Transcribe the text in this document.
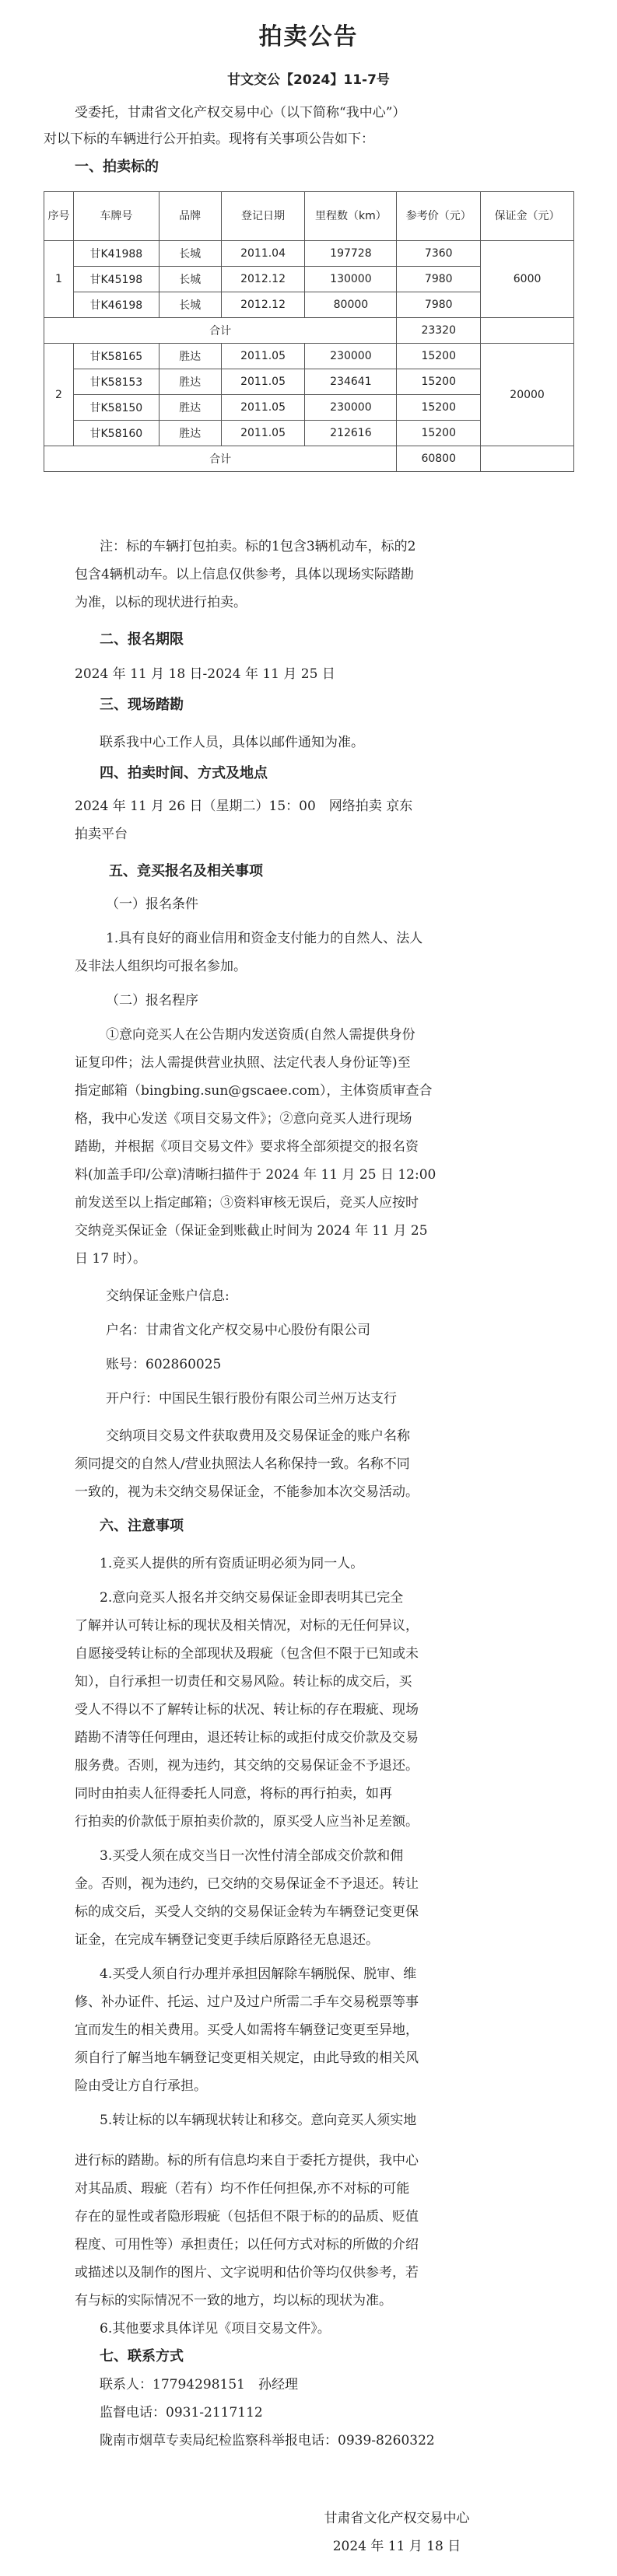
拍卖公告
甘文交公【2024】11-7号
受委托，甘肃省文化产权交易中心（以下简称“我中心”）
对以下标的车辆进行公开拍卖。现将有关事项公告如下：
一、拍卖标的
序号	车牌号	品牌	登记日期	里程数（km）	参考价（元）	保证金（元）
1	甘K41988	长城	2011.04	197728	7360	6000
	甘K45198	长城	2012.12	130000	7980	
	甘K46198	长城	2012.12	80000	7980	
合计					23320	
2	甘K58165	胜达	2011.05	230000	15200	20000
	甘K58153	胜达	2011.05	234641	15200	
	甘K58150	胜达	2011.05	230000	15200	
	甘K58160	胜达	2011.05	212616	15200	
合计					60800	
注：标的车辆打包拍卖。标的1包含3辆机动车，标的2
包含4辆机动车。以上信息仅供参考，具体以现场实际踏勘
为准，以标的现状进行拍卖。
二、报名期限
2024 年 11 月 18 日-2024 年 11 月 25 日
三、现场踏勘
联系我中心工作人员，具体以邮件通知为准。
四、拍卖时间、方式及地点
2024 年 11 月 26 日（星期二）15：00　网络拍卖 京东
拍卖平台
五、竞买报名及相关事项
（一）报名条件
1.具有良好的商业信用和资金支付能力的自然人、法人
及非法人组织均可报名参加。
（二）报名程序
①意向竞买人在公告期内发送资质(自然人需提供身份
证复印件；法人需提供营业执照、法定代表人身份证等)至
指定邮箱（bingbing.sun@gscaee.com），主体资质审查合
格，我中心发送《项目交易文件》；②意向竞买人进行现场
踏勘，并根据《项目交易文件》要求将全部须提交的报名资
料(加盖手印/公章)清晰扫描件于 2024 年 11 月 25 日 12:00
前发送至以上指定邮箱；③资料审核无误后，竞买人应按时
交纳竞买保证金（保证金到账截止时间为 2024 年 11 月 25
日 17 时）。
交纳保证金账户信息:
户名：甘肃省文化产权交易中心股份有限公司
账号：602860025
开户行：中国民生银行股份有限公司兰州万达支行
交纳项目交易文件获取费用及交易保证金的账户名称
须同提交的自然人/营业执照法人名称保持一致。名称不同
一致的，视为未交纳交易保证金，不能参加本次交易活动。
六、注意事项
1.竞买人提供的所有资质证明必须为同一人。
2.意向竞买人报名并交纳交易保证金即表明其已完全
了解并认可转让标的现状及相关情况，对标的无任何异议，
自愿接受转让标的全部现状及瑕疵（包含但不限于已知或未
知），自行承担一切责任和交易风险。转让标的成交后，买
受人不得以不了解转让标的状况、转让标的存在瑕疵、现场
踏勘不清等任何理由，退还转让标的或拒付成交价款及交易
服务费。否则，视为违约，其交纳的交易保证金不予退还。
同时由拍卖人征得委托人同意，将标的再行拍卖，如再
行拍卖的价款低于原拍卖价款的，原买受人应当补足差额。
3.买受人须在成交当日一次性付清全部成交价款和佣
金。否则，视为违约，已交纳的交易保证金不予退还。转让
标的成交后，买受人交纳的交易保证金转为车辆登记变更保
证金，在完成车辆登记变更手续后原路径无息退还。
4.买受人须自行办理并承担因解除车辆脱保、脱审、维
修、补办证件、托运、过户及过户所需二手车交易税票等事
宜而发生的相关费用。买受人如需将车辆登记变更至异地，
须自行了解当地车辆登记变更相关规定，由此导致的相关风
险由受让方自行承担。
5.转让标的以车辆现状转让和移交。意向竞买人须实地
进行标的踏勘。标的所有信息均来自于委托方提供，我中心
对其品质、瑕疵（若有）均不作任何担保,亦不对标的可能
存在的显性或者隐形瑕疵（包括但不限于标的的品质、贬值
程度、可用性等）承担责任；以任何方式对标的所做的介绍
或描述以及制作的图片、文字说明和估价等均仅供参考，若
有与标的实际情况不一致的地方，均以标的现状为准。
6.其他要求具体详见《项目交易文件》。
七、联系方式
联系人：17794298151　孙经理
监督电话：0931-2117112
陇南市烟草专卖局纪检监察科举报电话：0939-8260322
甘肃省文化产权交易中心
2024 年 11 月 18 日
